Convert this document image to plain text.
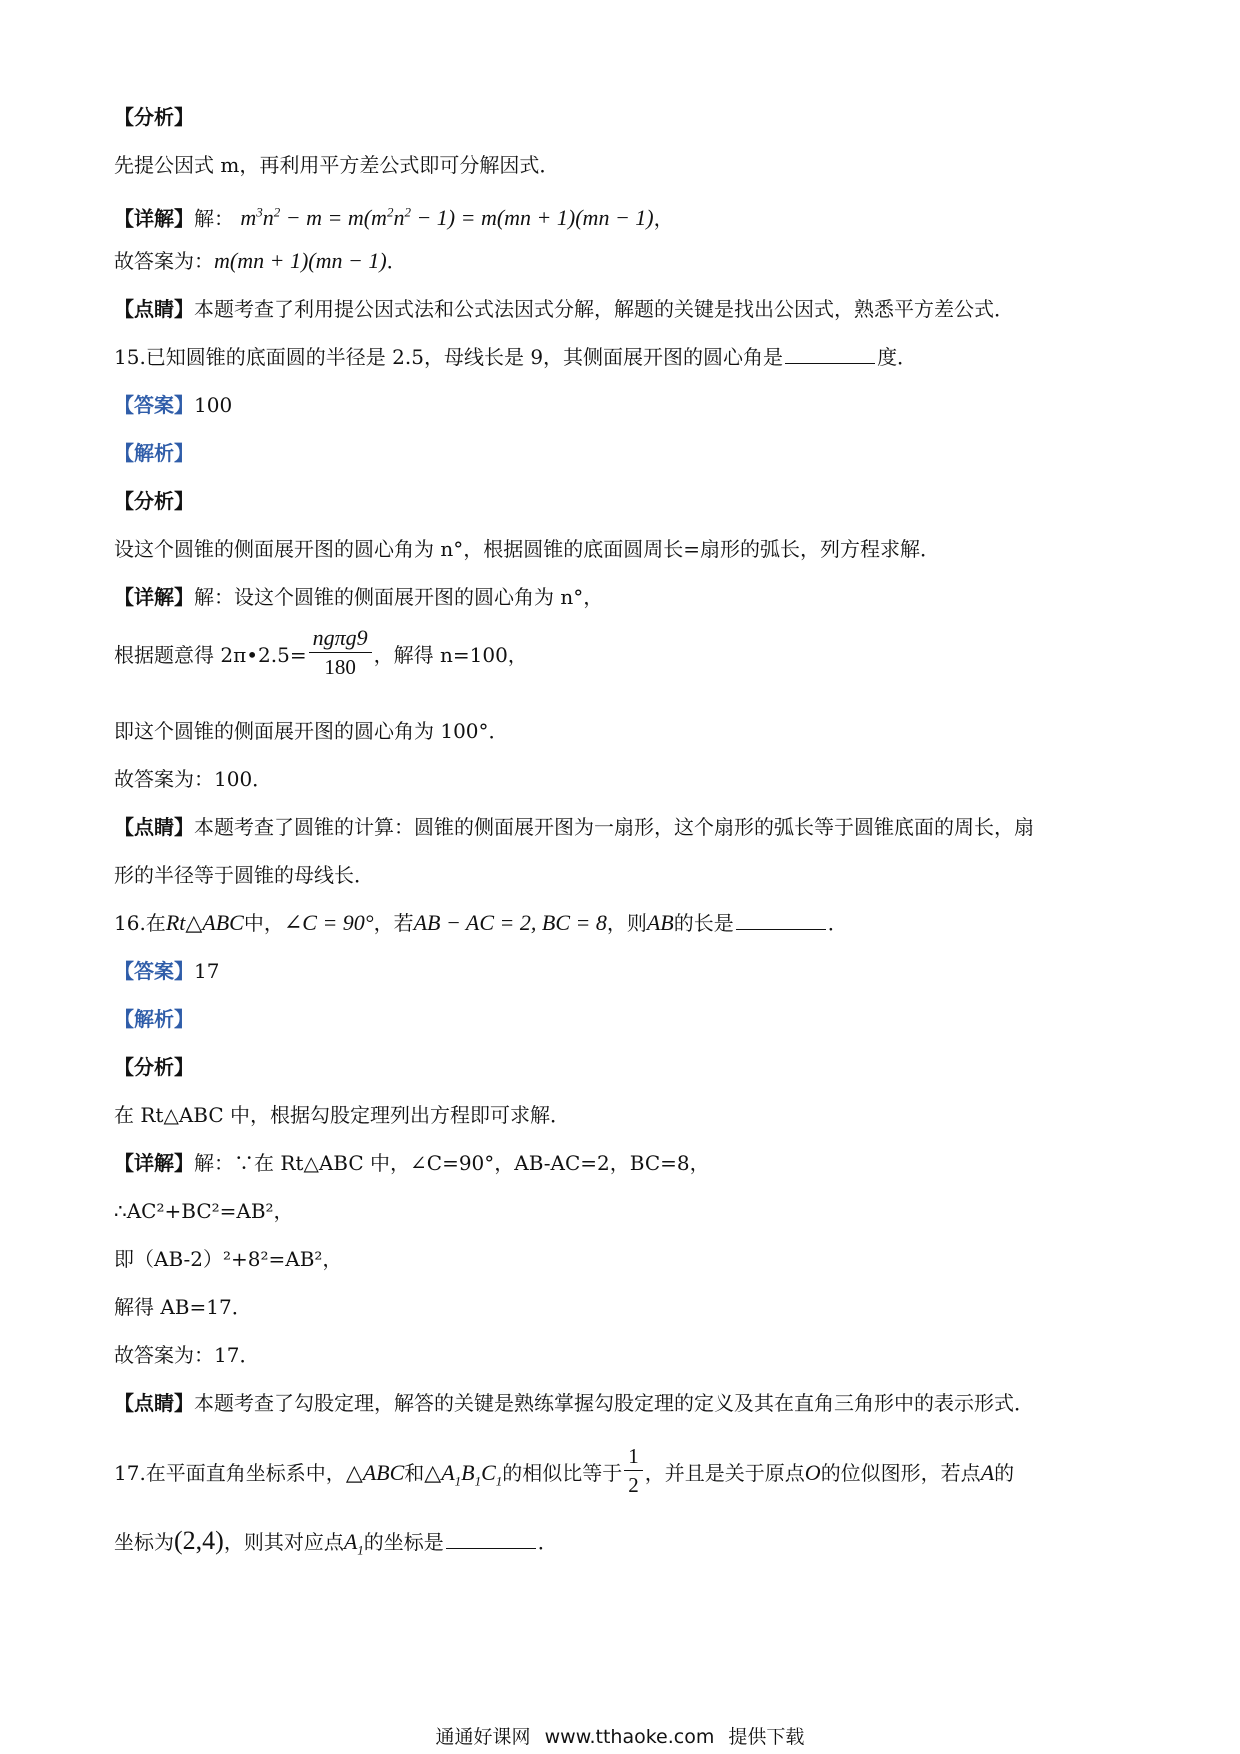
【分析】
先提公因式 m，再利用平方差公式即可分解因式．
【详解】解： $m^3n^2 - m = m(m^2n^2 - 1) = m(mn + 1)(mn - 1)$，
故答案为：m(mn + 1)(mn − 1)．
【点睛】本题考查了利用提公因式法和公式法因式分解，解题的关键是找出公因式，熟悉平方差公式．
15.已知圆锥的底面圆的半径是 2.5，母线长是 9，其侧面展开图的圆心角是	度．
【答案】100
【解析】
【分析】
设这个圆锥的侧面展开图的圆心角为 n°，根据圆锥的底面圆周长=扇形的弧长，列方程求解．
【详解】解：设这个圆锥的侧面展开图的圆心角为 n°，
根据题意得 2π•2.5= $\frac{\text{ngπg9}}{180}$ ，解得 n=100，
即这个圆锥的侧面展开图的圆心角为 100°．
故答案为：100．
【点睛】本题考查了圆锥的计算：圆锥的侧面展开图为一扇形，这个扇形的弧长等于圆锥底面的周长，扇
形的半径等于圆锥的母线长．
16.在Rt△ABC中，∠C = 90°，若AB − AC = 2, BC = 8，则AB的长是	．
【答案】17
【解析】
【分析】
在 Rt△ABC 中，根据勾股定理列出方程即可求解．
【详解】解：∵在 Rt△ABC 中，∠C=90°，AB-AC=2，BC=8，
∴AC²+BC²=AB²，
即（AB-2）²+8²=AB²，
解得 AB=17．
故答案为：17．
【点睛】本题考查了勾股定理，解答的关键是熟练掌握勾股定理的定义及其在直角三角形中的表示形式．
17.在平面直角坐标系中，△ABC和$\triangle A_1B_1C_1$的相似比等于 $\frac{1}{2}$ ，并且是关于原点O的位似图形，若点A的
坐标为(2,4)，则其对应点$A_1$的坐标是	．
通通好课网 www.tthaoke.com 提供下载
